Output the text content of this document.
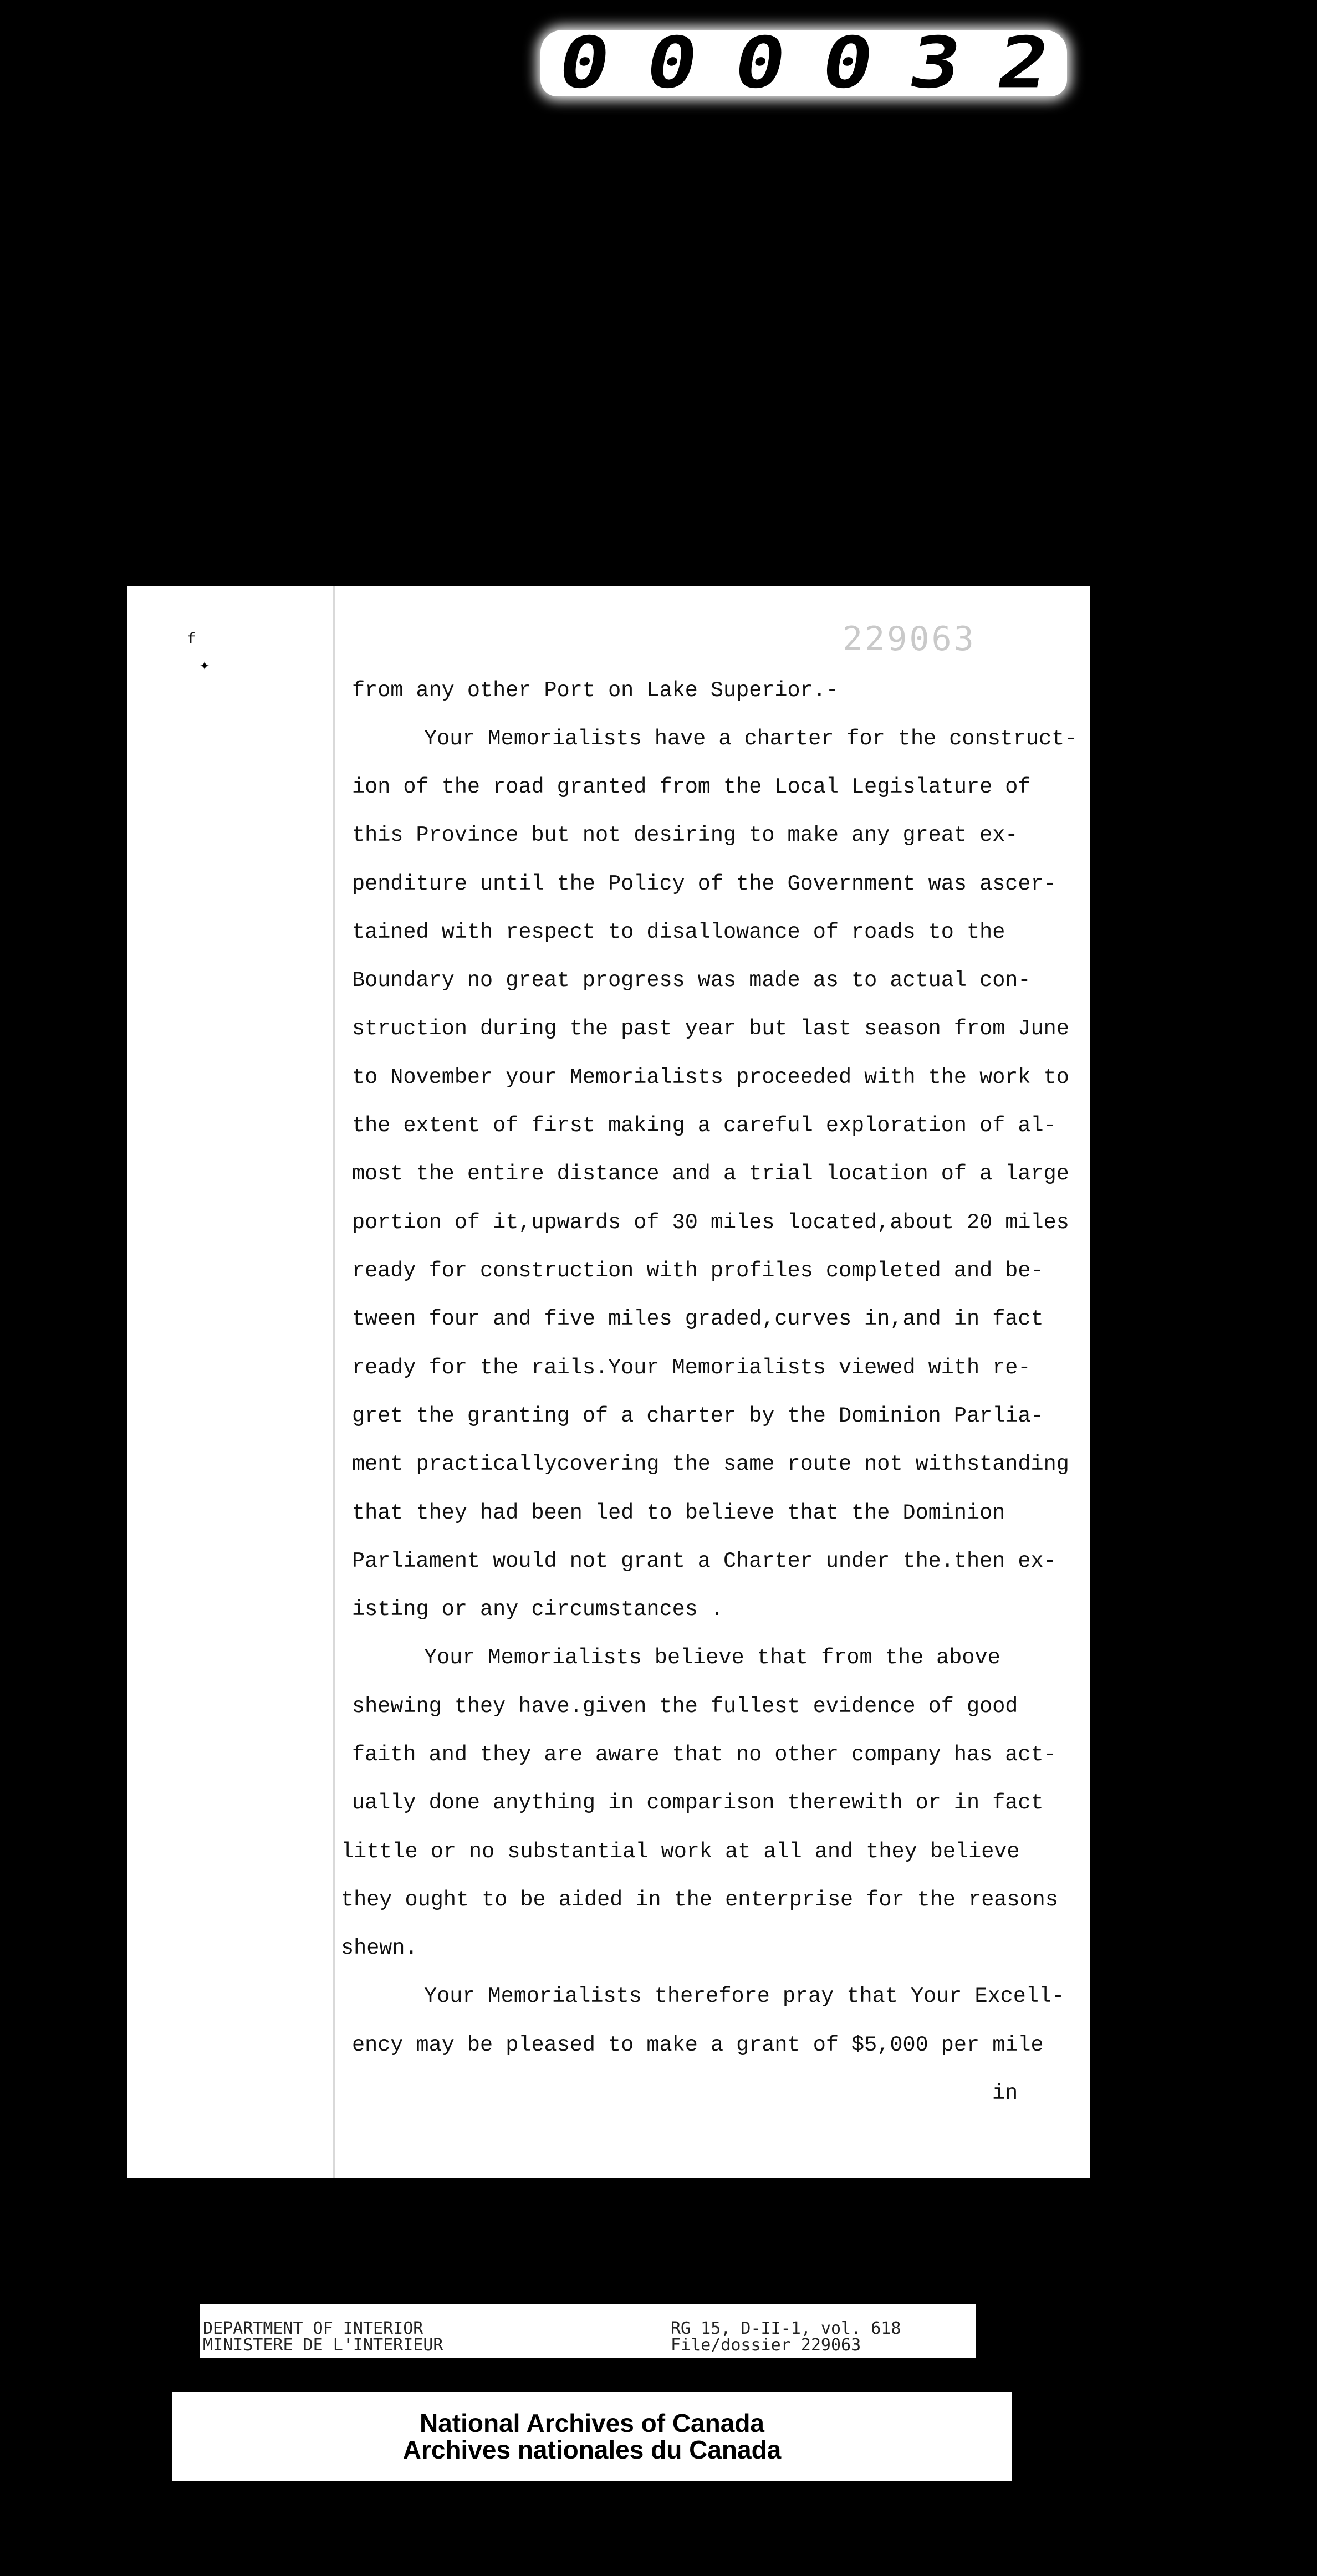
0 0 0 0 3 2
229063
f
✦
from any other Port on Lake Superior.-
Your Memorialists have a charter for the construct-
ion of the road granted from the Local Legislature of
this Province but not desiring to make any great ex-
penditure until the Policy of the Government was ascer-
tained with respect to disallowance of roads to the
Boundary no great progress was made as to actual con-
struction during the past year but last season from June
to November your Memorialists proceeded with the work to
the extent of first making a careful exploration of al-
most the entire distance and a trial location of a large
portion of it,upwards of 30 miles located,about 20 miles
ready for construction with profiles completed and be-
tween four and five miles graded,curves in,and in fact
ready for the rails.Your Memorialists viewed with re-
gret the granting of a charter by the Dominion Parlia-
ment practicallycovering the same route not withstanding
that they had been led to believe that the Dominion
Parliament would not grant a Charter under the.then ex-
isting or any circumstances .
Your Memorialists believe that from the above
shewing they have.given the fullest evidence of good
faith and they are aware that no other company has act-
ually done anything in comparison therewith or in fact
little or no substantial work at all and they believe
they ought to be aided in the enterprise for the reasons
shewn.
Your Memorialists therefore pray that Your Excell-
ency may be pleased to make a grant of $5,000 per mile
in
DEPARTMENT OF INTERIOR
MINISTERE DE L'INTERIEUR
RG 15, D-II-1, vol. 618
File/dossier 229063
National Archives of Canada
Archives nationales du Canada
